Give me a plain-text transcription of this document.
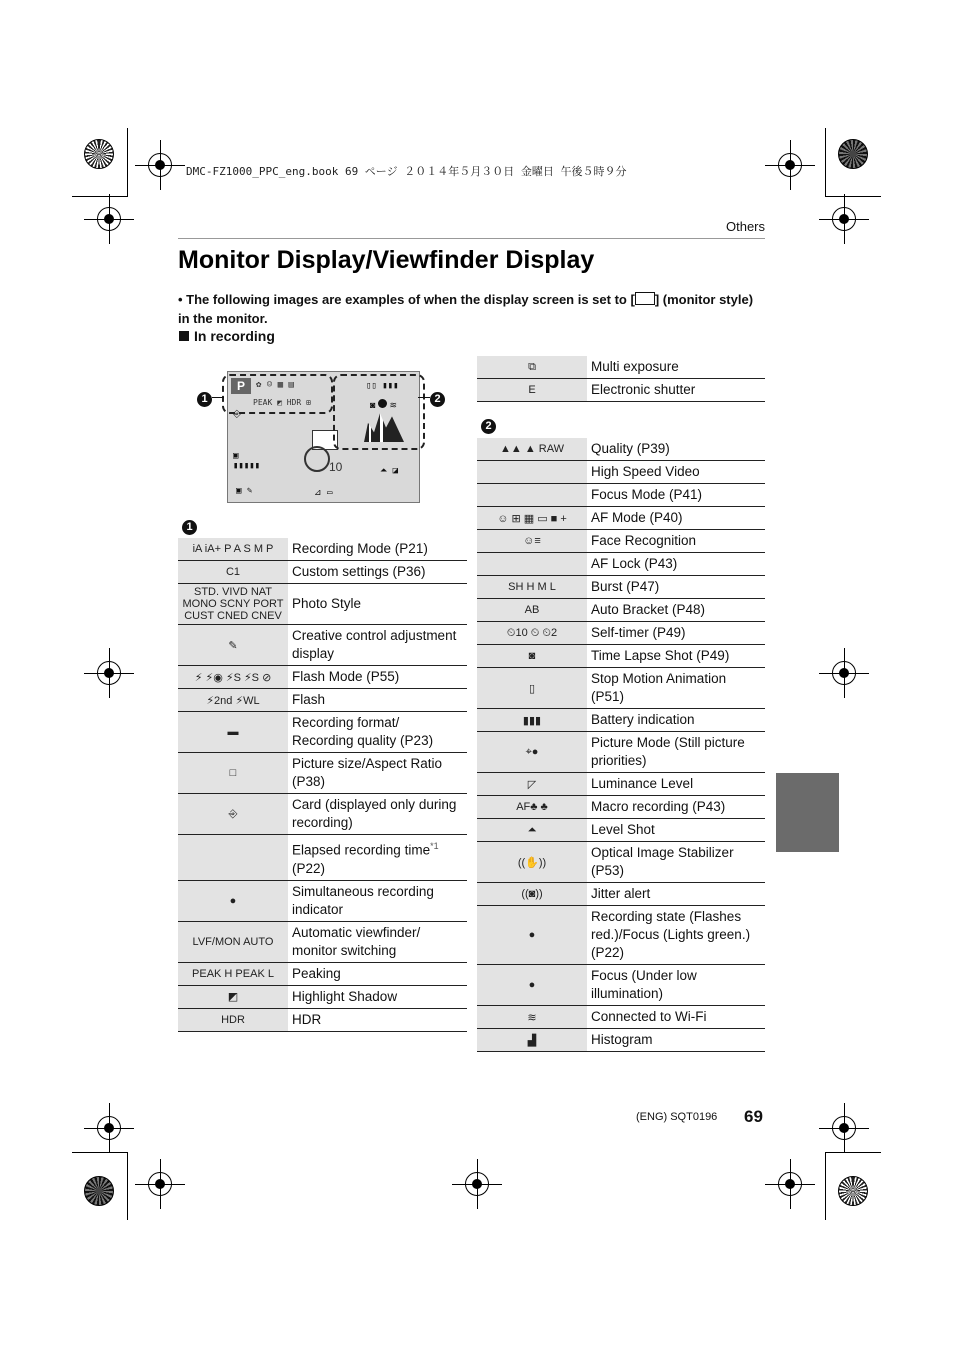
DMC-FZ1000_PPC_eng.book 69 ページ ２０１４年５月３０日 金曜日 午後５時９分
Others
Monitor Display/Viewfinder Display
• The following images are examples of when the display screen is set to [ ] (monitor style) in the monitor.
In recording
P	✿ ☺ ▦ ▤
PEAK ◩ HDR ⊞
⎆
▯▯ ▮▮▮
◙  ≋
10	⏶ ◪
▣
▮▮▮▮▮
▣ ✎	⊿ ▭
1	2
1
iA iA+ P A S M P	Recording Mode (P21)
C1	Custom settings (P36)
STD. VIVD NAT MONO SCNY PORT CUST CNED CNEV	Photo Style
✎	Creative control adjustment display
⚡ ⚡◉ ⚡S ⚡S ⊘	Flash Mode (P55)
⚡2nd ⚡WL	Flash
▬	Recording format/ Recording quality (P23)
□	Picture size/Aspect Ratio (P38)
⎆	Card (displayed only during recording)
	Elapsed recording time$^{*1}$
(P22)
●	Simultaneous recording indicator
LVF/MON AUTO	Automatic viewfinder/ monitor switching
PEAK H PEAK L	Peaking
◩	Highlight Shadow
HDR	HDR
⧉	Multi exposure
E	Electronic shutter
2
▲▲ ▲ RAW	Quality (P39)
	High Speed Video
	Focus Mode (P41)
☺ ⊞ ▦ ▭ ■ +	AF Mode (P40)
☺≡	Face Recognition
	AF Lock (P43)
SH H M L	Burst (P47)
AB	Auto Bracket (P48)
⏲10 ⏲ ⏲2	Self-timer (P49)
◙	Time Lapse Shot (P49)
▯	Stop Motion Animation (P51)
▮▮▮	Battery indication
⌖●	Picture Mode (Still picture priorities)
◸	Luminance Level
AF♣ ♣	Macro recording (P43)
⏶	Level Shot
((✋))	Optical Image Stabilizer (P53)
((◙))	Jitter alert
●	Recording state (Flashes red.)/Focus (Lights green.) (P22)
●	Focus (Under low illumination)
≋	Connected to Wi-Fi
▟	Histogram
(ENG) SQT0196 69
